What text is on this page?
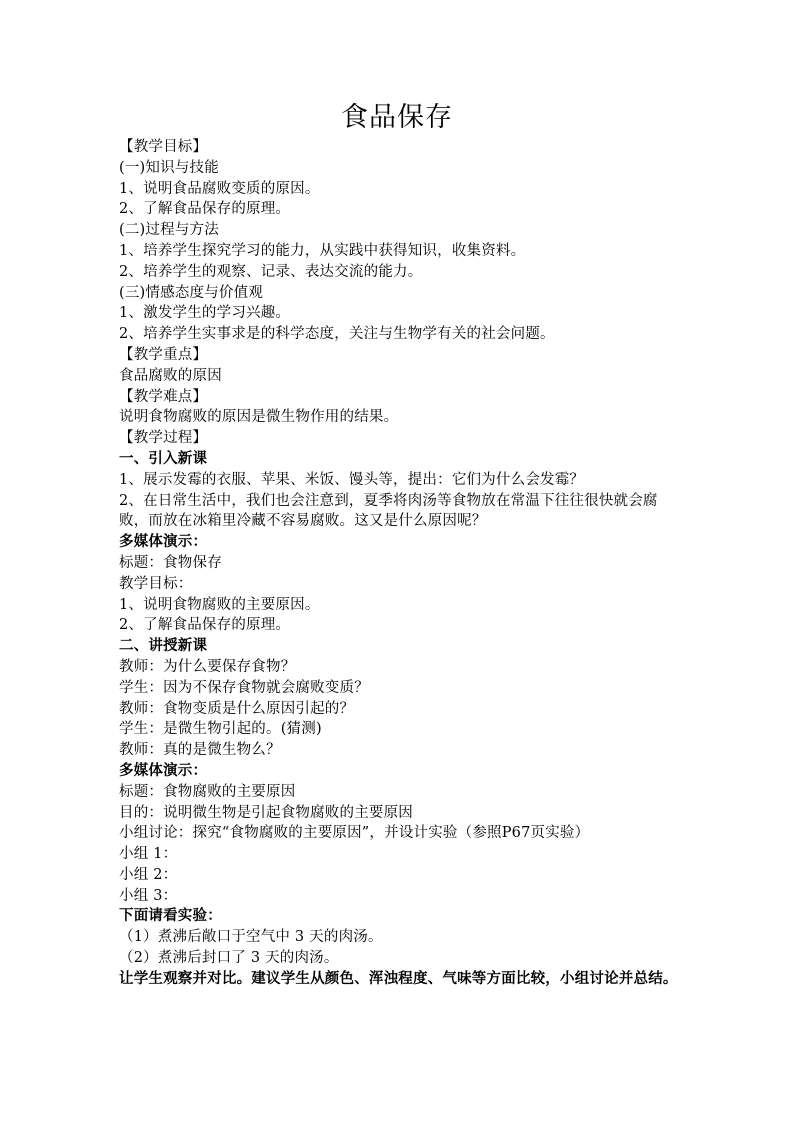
食品保存
【教学目标】
(一)知识与技能
1、说明食品腐败变质的原因。
2、了解食品保存的原理。
(二)过程与方法
1、培养学生探究学习的能力，从实践中获得知识，收集资料。
2、培养学生的观察、记录、表达交流的能力。
(三)情感态度与价值观
1、激发学生的学习兴趣。
2、培养学生实事求是的科学态度，关注与生物学有关的社会问题。
【教学重点】
食品腐败的原因
【教学难点】
说明食物腐败的原因是微生物作用的结果。
【教学过程】
一、引入新课
1、展示发霉的衣服、苹果、米饭、馒头等，提出：它们为什么会发霉？
2、在日常生活中，我们也会注意到，夏季将肉汤等食物放在常温下往往很快就会腐败，而放在冰箱里冷藏不容易腐败。这又是什么原因呢？
多媒体演示：
标题：食物保存
教学目标：
1、说明食物腐败的主要原因。
2、了解食品保存的原理。
二、讲授新课
教师：为什么要保存食物？
学生：因为不保存食物就会腐败变质？
教师：食物变质是什么原因引起的？
学生：是微生物引起的。(猜测)
教师：真的是微生物么？
多媒体演示：
标题：食物腐败的主要原因
目的：说明微生物是引起食物腐败的主要原因
小组讨论：探究“食物腐败的主要原因”，并设计实验（参照P67页实验）
小组 1：
小组 2：
小组 3：
下面请看实验：
（1）煮沸后敞口于空气中 3 天的肉汤。
（2）煮沸后封口了 3 天的肉汤。
让学生观察并对比。建议学生从颜色、浑浊程度、气味等方面比较，小组讨论并总结。
